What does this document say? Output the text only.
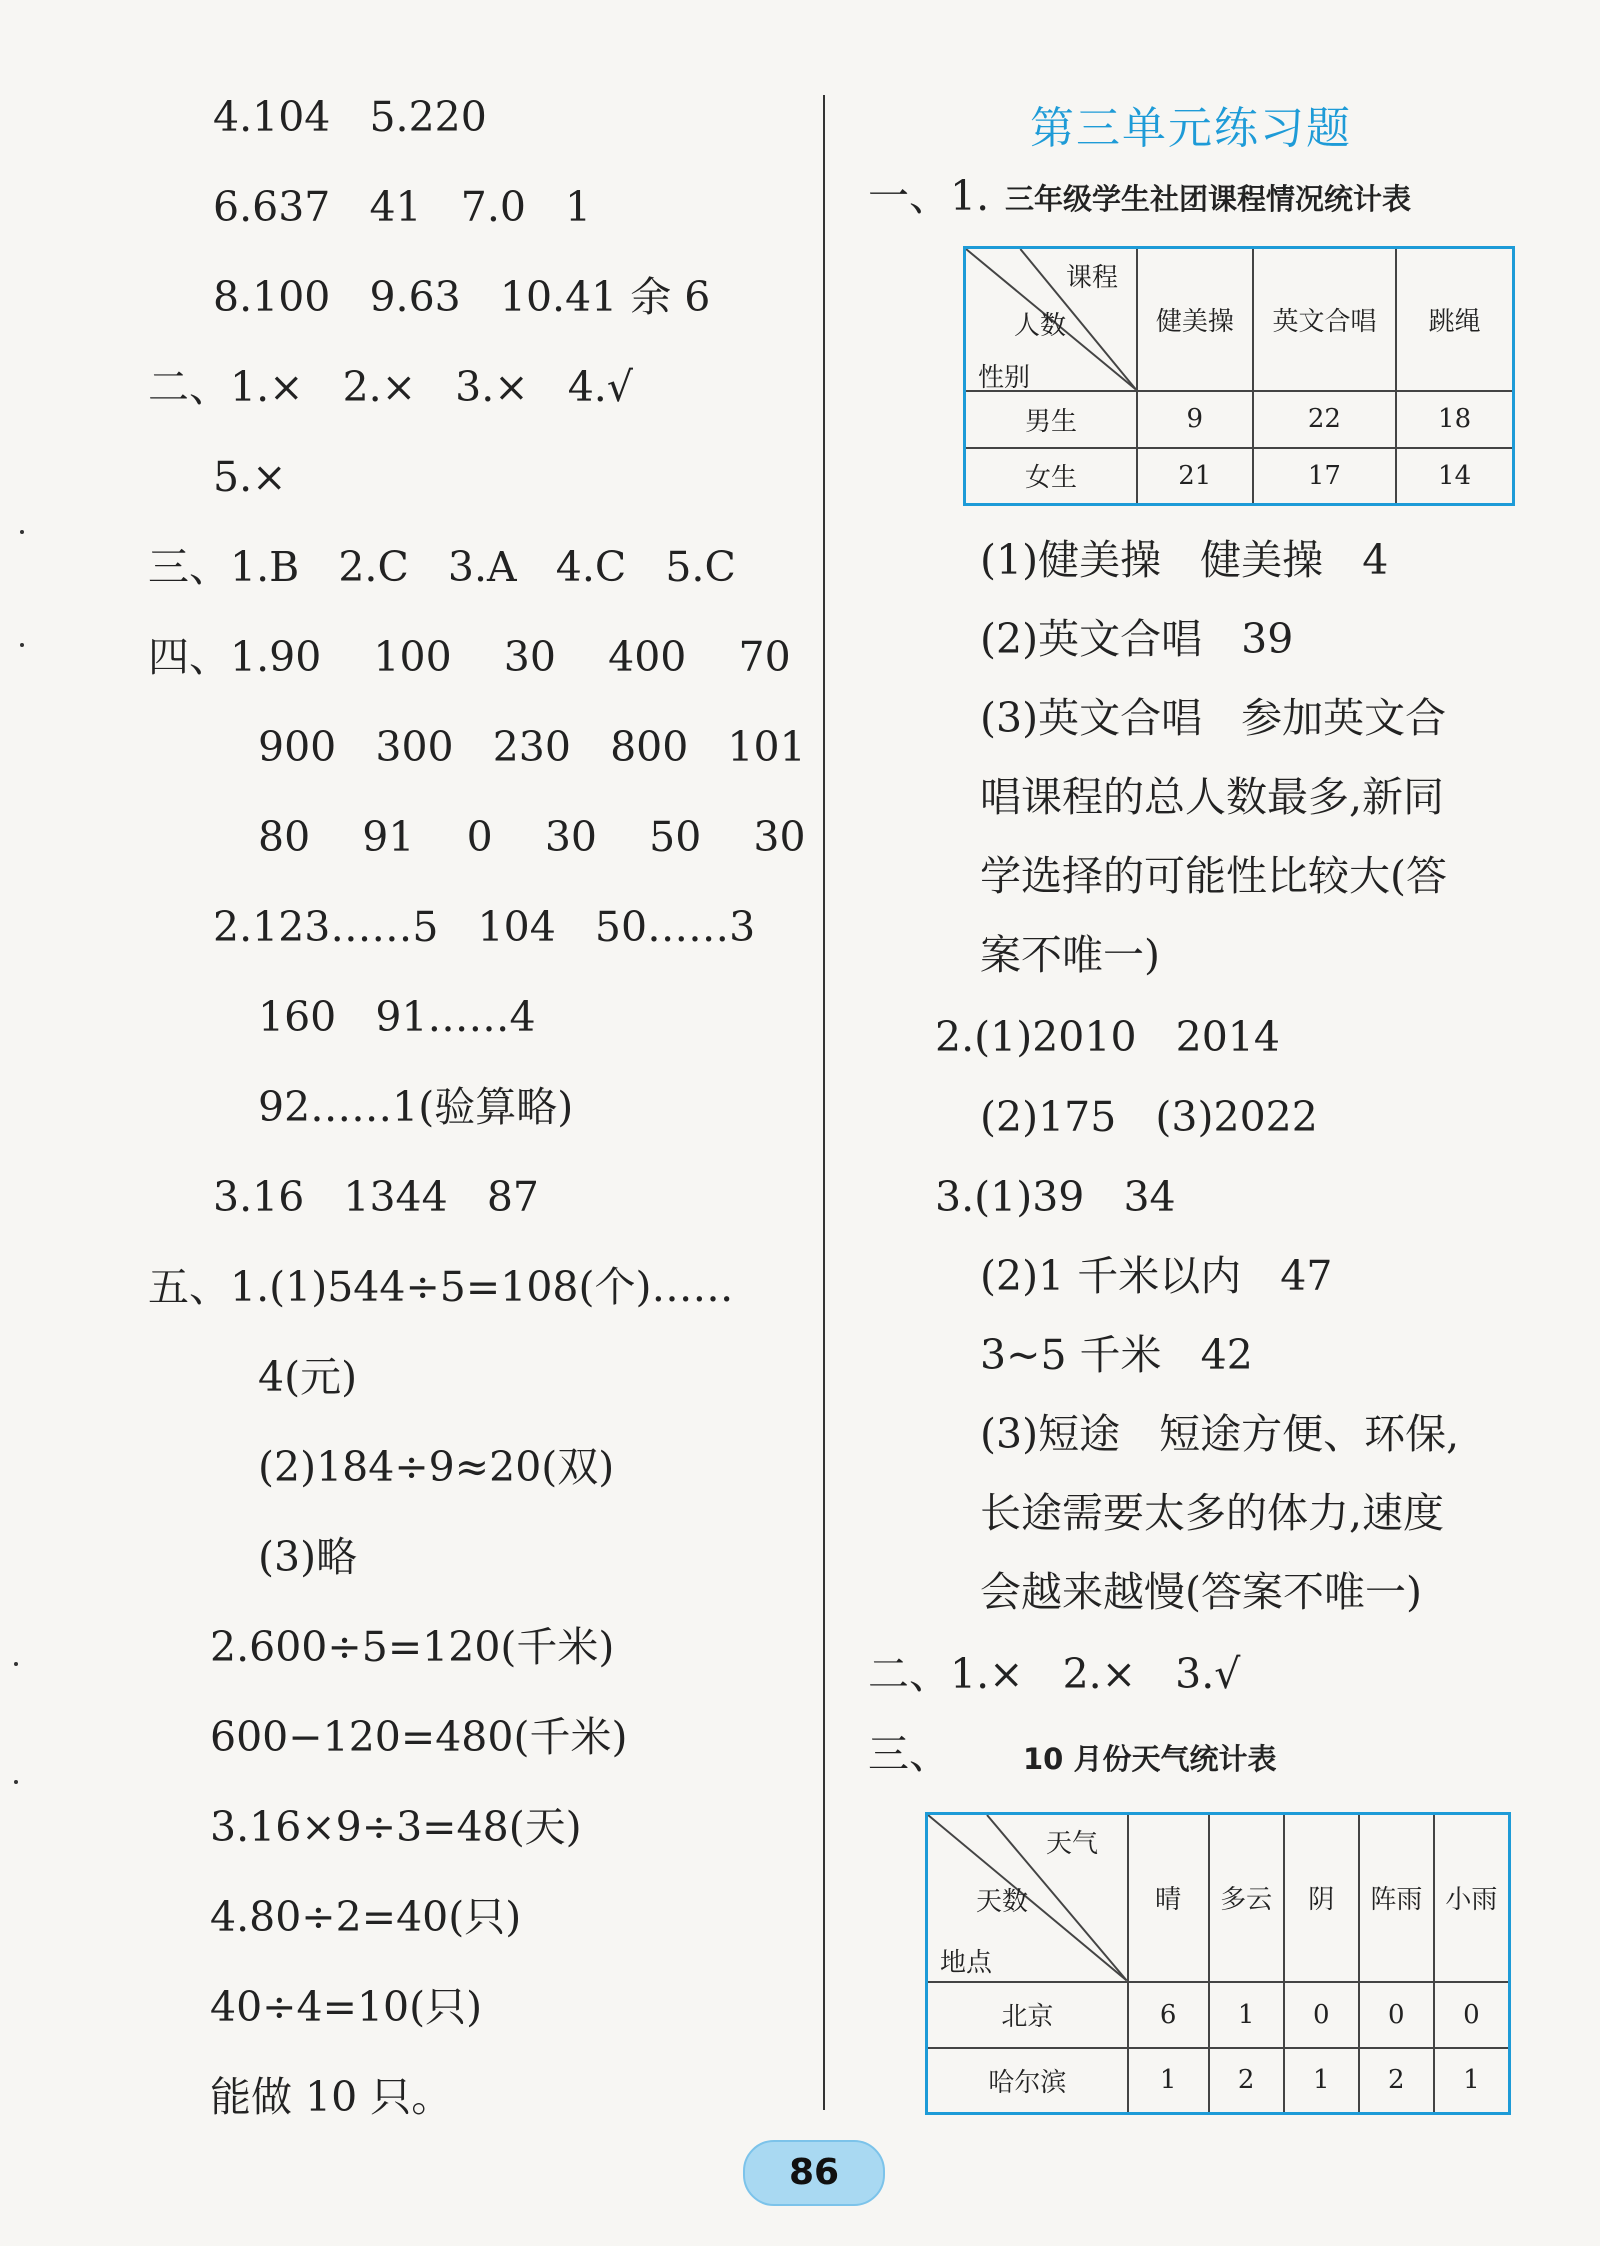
4.104   5.220
6.637   41   7.0   1
8.100   9.63   10.41 余 6
二、1.×   2.×   3.×   4.√
5.×
三、1.B   2.C   3.A   4.C   5.C
四、1.90    100    30    400    70
900   300   230   800   101
80    91    0    30    50    30
2.123……5   104   50……3
160   91……4
92……1(验算略)
3.16   1344   87
五、1.(1)544÷5=108(个)……
4(元)
(2)184÷9≈20(双)
(3)略
2.600÷5=120(千米)
600−120=480(千米)
3.16×9÷3=48(天)
4.80÷2=40(只)
40÷4=10(只)
能做 10 只。
第三单元练习题
一、1. 三年级学生社团课程情况统计表
课程
人数
性别	健美操	英文合唱	跳绳
男生	9	22	18
女生	21	17	14
(1)健美操   健美操   4
(2)英文合唱   39
(3)英文合唱   参加英文合
唱课程的总人数最多,新同
学选择的可能性比较大(答
案不唯一)
2.(1)2010   2014
(2)175   (3)2022
3.(1)39   34
(2)1 千米以内   47
3~5 千米   42
(3)短途   短途方便、环保,
长途需要太多的体力,速度
会越来越慢(答案不唯一)
二、1.×   2.×   3.√
三、	10 月份天气统计表
天气
天数
地点	晴	多云	阴	阵雨	小雨
北京	6	1	0	0	0
哈尔滨	1	2	1	2	1
86
